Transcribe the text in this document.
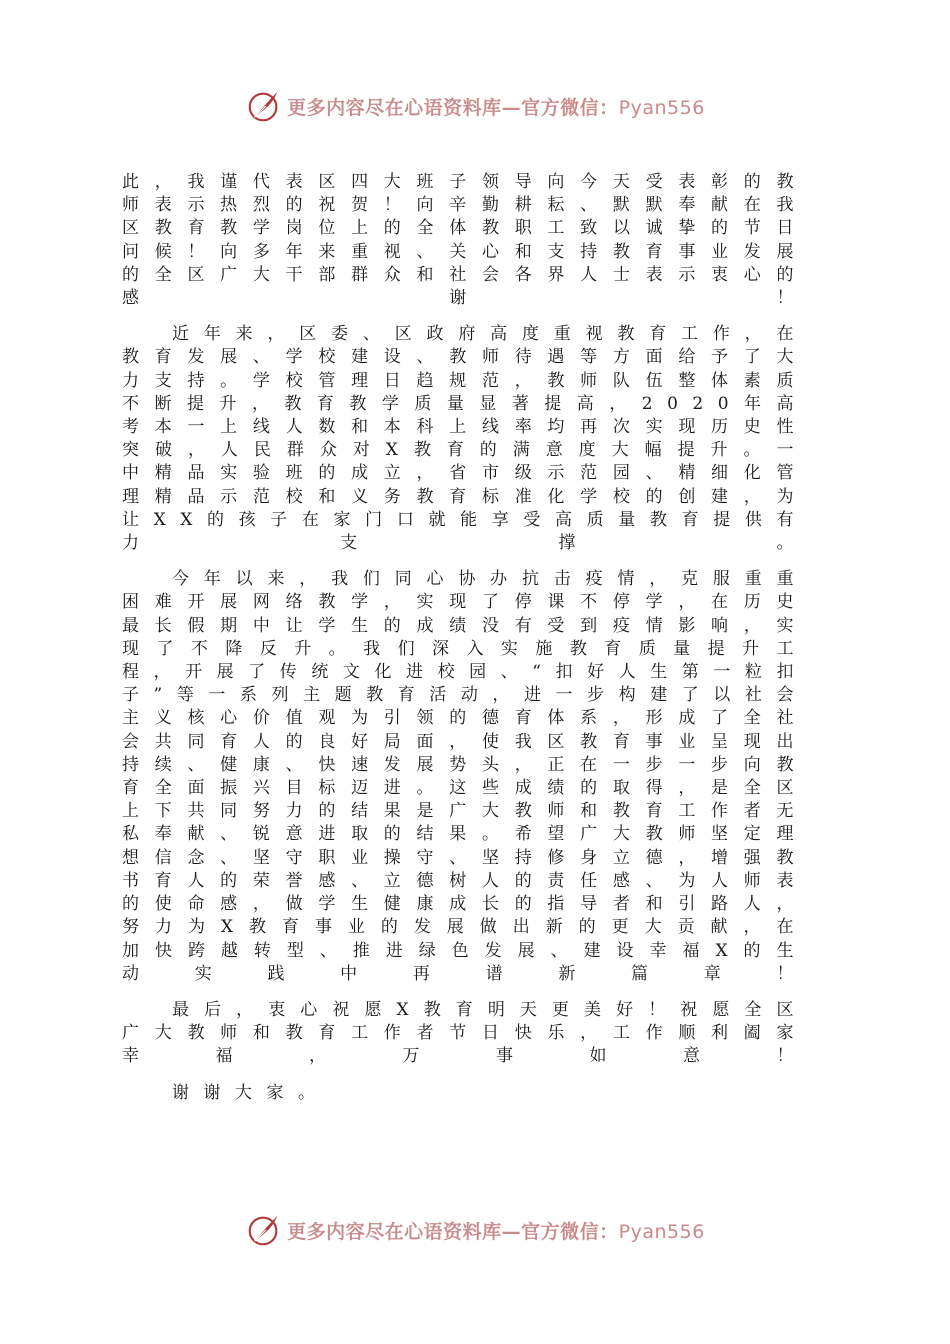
更多内容尽在心语资料库—官方微信：Pyan556

此，我谨代表区四大班子领导向今天受表彰的教师表示热烈的祝贺！向辛勤耕耘、默默奉献在我区教育教学岗位上的全体教职工致以诚挚的节日问候！向多年来重视、关心和支持教育事业发展的全区广大干部群众和社会各界人士表示衷心的感谢！

近年来，区委、区政府高度重视教育工作，在教育发展、学校建设、教师待遇等方面给予了大力支持。学校管理日趋规范，教师队伍整体素质不断提升，教育教学质量显著提高，2020年高考本一上线人数和本科上线率均再次实现历史性突破，人民群众对X教育的满意度大幅提升。一中精品实验班的成立，省市级示范园、精细化管理精品示范校和义务教育标准化学校的创建，为让XX的孩子在家门口就能享受高质量教育提供有力支撑。

今年以来，我们同心协办抗击疫情，克服重重困难开展网络教学，实现了停课不停学，在历史最长假期中让学生的成绩没有受到疫情影响，实现了不降反升。我们深入实施教育质量提升工程，开展了传统文化进校园、“扣好人生第一粒扣子”等一系列主题教育活动，进一步构建了以社会主义核心价值观为引领的德育体系，形成了全社会共同育人的良好局面，使我区教育事业呈现出持续、健康、快速发展势头，正在一步一步向教育全面振兴目标迈进。这些成绩的取得，是全区上下共同努力的结果是广大教师和教育工作者无私奉献、锐意进取的结果。希望广大教师坚定理想信念、坚守职业操守、坚持修身立德，增强教书育人的荣誉感、立德树人的责任感、为人师表的使命感，做学生健康成长的指导者和引路人，努力为X教育事业的发展做出新的更大贡献，在加快跨越转型、推进绿色发展、建设幸福X的生动实践中再谱新篇章！

最后，衷心祝愿X教育明天更美好！祝愿全区广大教师和教育工作者节日快乐，工作顺利阖家幸福，万事如意！

谢谢大家。

更多内容尽在心语资料库—官方微信：Pyan556
